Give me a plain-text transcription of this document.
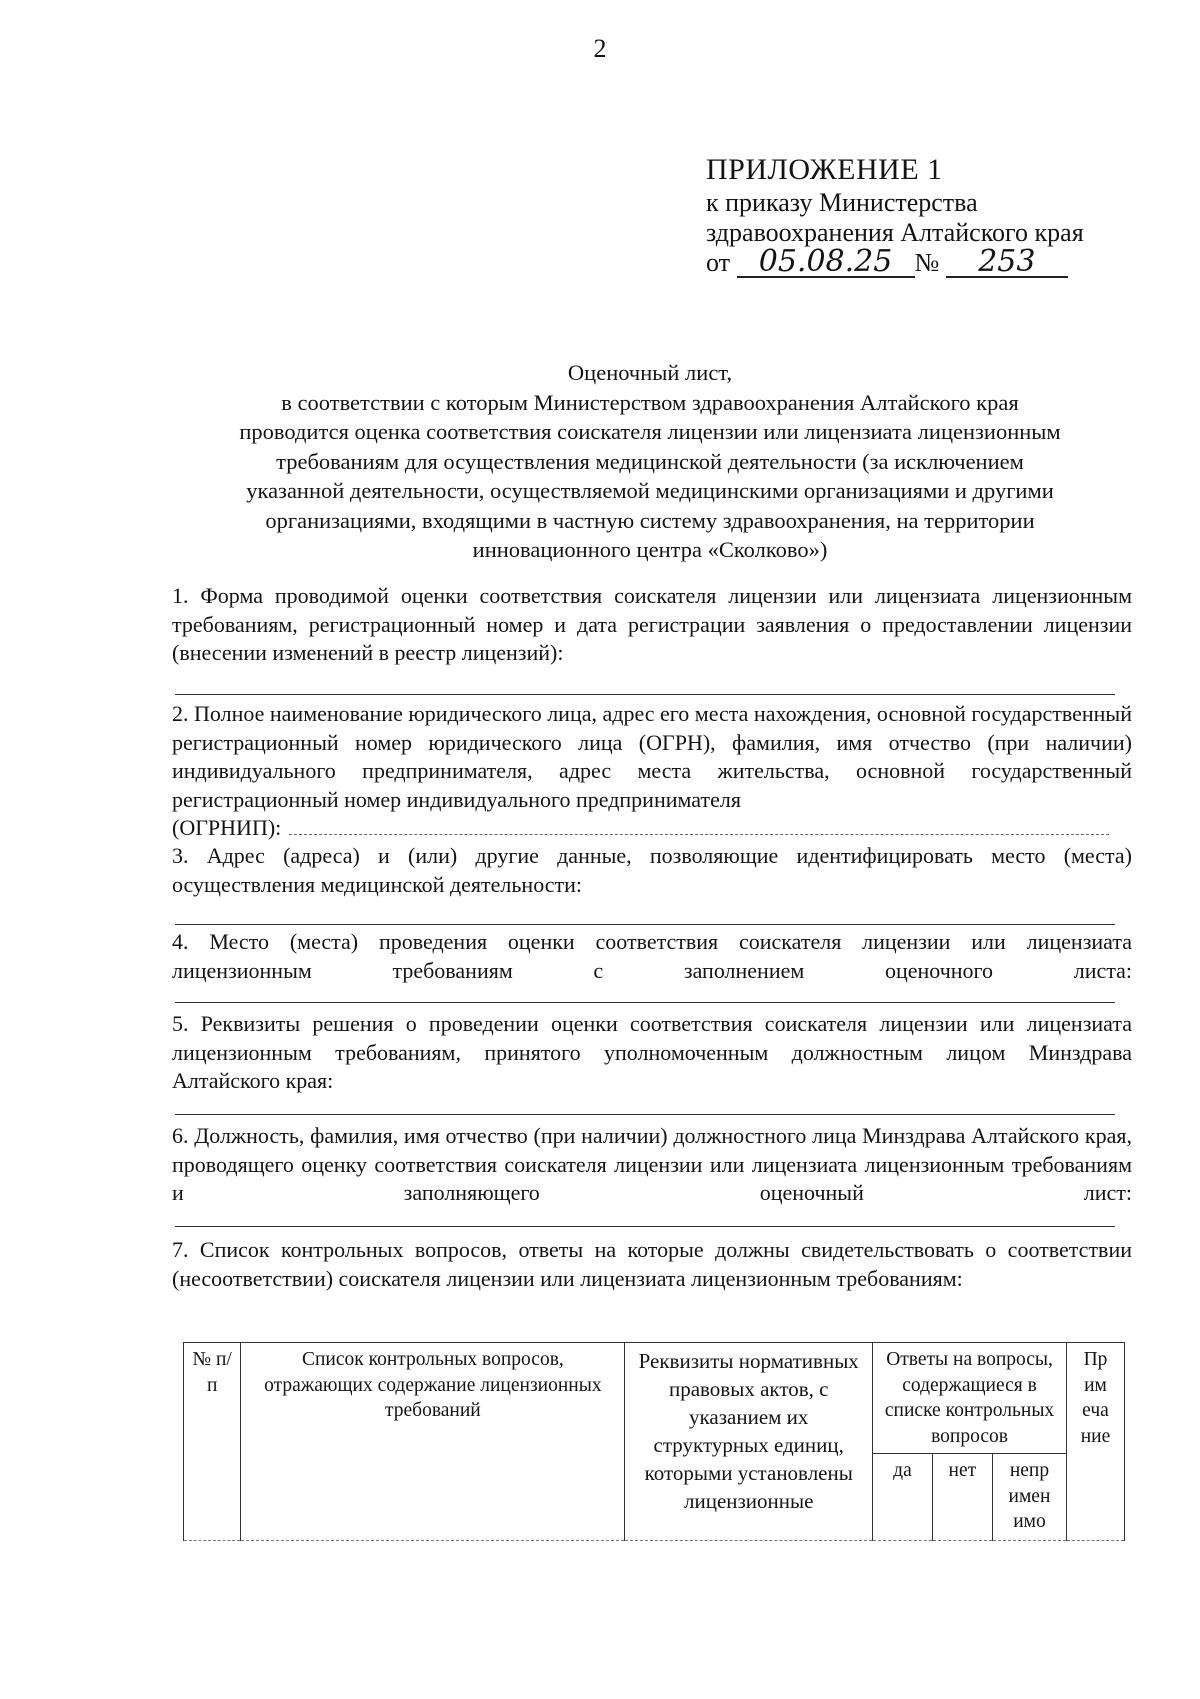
2
ПРИЛОЖЕНИЕ 1
к приказу Министерства
здравоохранения Алтайского края
от 05.08.25 № 253
Оценочный лист,
в соответствии с которым Министерством здравоохранения Алтайского края
проводится оценка соответствия соискателя лицензии или лицензиата лицензионным
требованиям для осуществления медицинской деятельности (за исключением
указанной деятельности, осуществляемой медицинскими организациями и другими
организациями, входящими в частную систему здравоохранения, на территории
инновационного центра «Сколково»)
1. Форма проводимой оценки соответствия соискателя лицензии или лицензиата лицензионным требованиям, регистрационный номер и дата регистрации заявления о предоставлении лицензии (внесении изменений в реестр лицензий):
2. Полное наименование юридического лица, адрес его места нахождения, основной государственный регистрационный номер юридического лица (ОГРН), фамилия, имя отчество (при наличии) индивидуального предпринимателя, адрес места жительства, основной государственный регистрационный номер индивидуального предпринимателя
(ОГРНИП):
3. Адрес (адреса) и (или) другие данные, позволяющие идентифицировать место (места) осуществления медицинской деятельности:
4. Место (места) проведения оценки соответствия соискателя лицензии или лицензиата лицензионным требованиям с заполнением оценочного листа:
5. Реквизиты решения о проведении оценки соответствия соискателя лицензии или лицензиата лицензионным требованиям, принятого уполномоченным должностным лицом Минздрава Алтайского края:
6. Должность, фамилия, имя отчество (при наличии) должностного лица Минздрава Алтайского края, проводящего оценку соответствия соискателя лицензии или лицензиата лицензионным требованиям и заполняющего оценочный лист:
7. Список контрольных вопросов, ответы на которые должны свидетельствовать о соответствии (несоответствии) соискателя лицензии или лицензиата лицензионным требованиям:
№ п/п	Список контрольных вопросов, отражающих содержание лицензионных требований	Реквизиты нормативных правовых актов, с указанием их структурных единиц, которыми установлены лицензионные	Ответы на вопросы, содержащиеся в списке контрольных вопросов			Пр им еча ние
			да	нет	непр имен имо	
